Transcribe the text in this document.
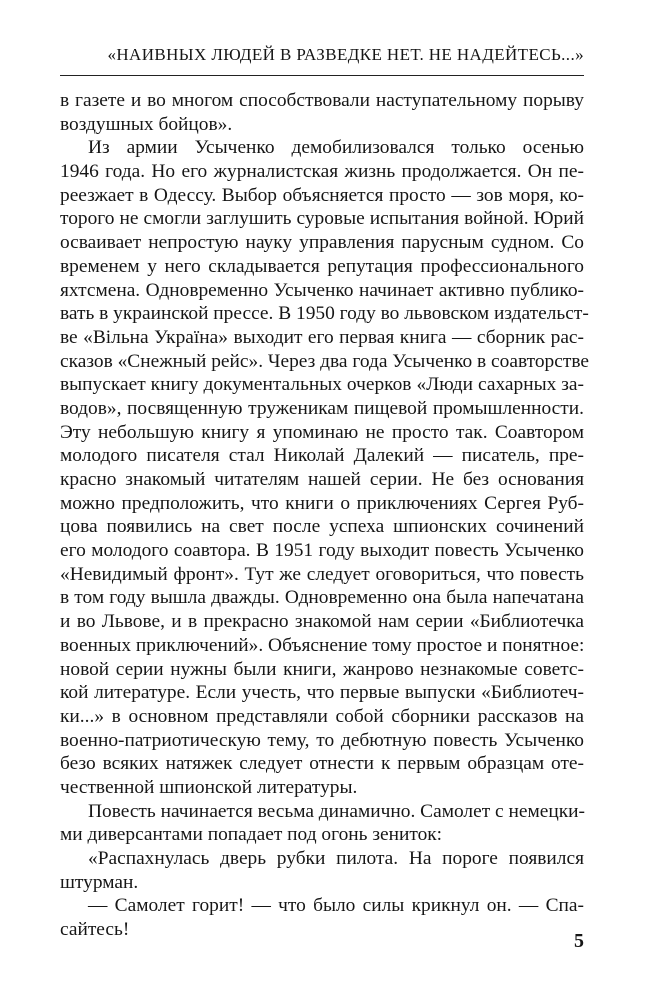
«НАИВНЫХ ЛЮДЕЙ В РАЗВЕДКЕ НЕТ. НЕ НАДЕЙТЕСЬ...»
в газете и во многом способствовали наступательному порыву
воздушных бойцов».
Из армии Усыченко демобилизовался только осенью
1946 года. Но его журналистская жизнь продолжается. Он пе-
реезжает в Одессу. Выбор объясняется просто — зов моря, ко-
торого не смогли заглушить суровые испытания войной. Юрий
осваивает непростую науку управления парусным судном. Со
временем у него складывается репутация профессионального
яхтсмена. Одновременно Усыченко начинает активно публико-
вать в украинской прессе. В 1950 году во львовском издательст-
ве «Вільна Україна» выходит его первая книга — сборник рас-
сказов «Снежный рейс». Через два года Усыченко в соавторстве
выпускает книгу документальных очерков «Люди сахарных за-
водов», посвященную труженикам пищевой промышленности.
Эту небольшую книгу я упоминаю не просто так. Соавтором
молодого писателя стал Николай Далекий — писатель, пре-
красно знакомый читателям нашей серии. Не без основания
можно предположить, что книги о приключениях Сергея Руб-
цова появились на свет после успеха шпионских сочинений
его молодого соавтора. В 1951 году выходит повесть Усыченко
«Невидимый фронт». Тут же следует оговориться, что повесть
в том году вышла дважды. Одновременно она была напечатана
и во Львове, и в прекрасно знакомой нам серии «Библиотечка
военных приключений». Объяснение тому простое и понятное:
новой серии нужны были книги, жанрово незнакомые советс-
кой литературе. Если учесть, что первые выпуски «Библиотеч-
ки...» в основном представляли собой сборники рассказов на
военно-патриотическую тему, то дебютную повесть Усыченко
безо всяких натяжек следует отнести к первым образцам оте-
чественной шпионской литературы.
Повесть начинается весьма динамично. Самолет с немецки-
ми диверсантами попадает под огонь зениток:
«Распахнулась дверь рубки пилота. На пороге появился
штурман.
— Самолет горит! — что было силы крикнул он. — Спа-
сайтесь!
5
